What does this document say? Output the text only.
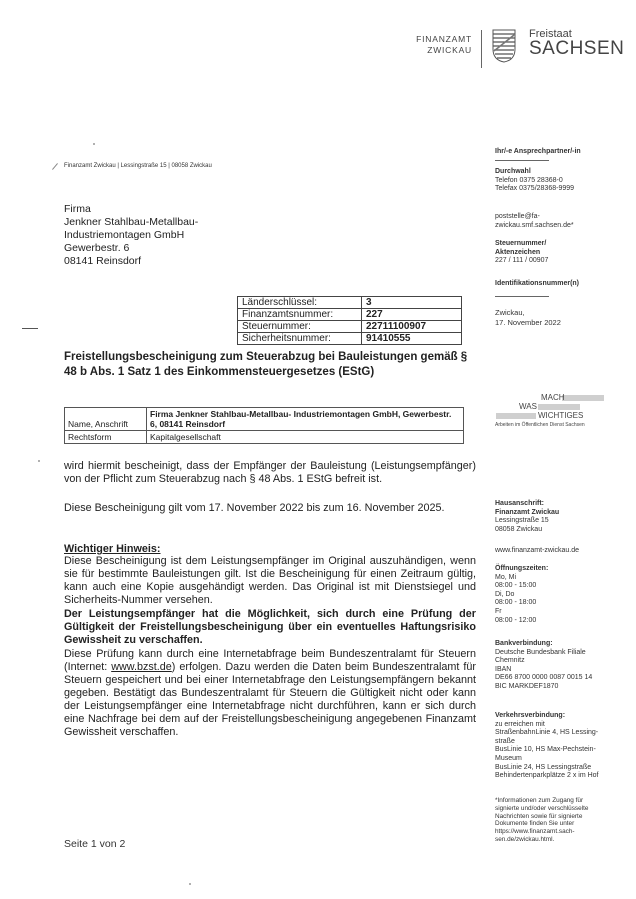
FINANZAMT
ZWICKAU
Freistaat
SACHSEN
Finanzamt Zwickau | Lessingstraße 15 | 08058 Zwickau
Firma
Jenkner Stahlbau-Metallbau-
Industriemontagen GmbH
Gewerbestr. 6
08141 Reinsdorf
Länderschlüssel:	3
Finanzamtsnummer:	227
Steuernummer:	22711100907
Sicherheitsnummer:	91410555
Freistellungsbescheinigung zum Steuerabzug bei Bauleistungen gemäß § 48 b Abs. 1 Satz 1 des Einkommensteuergesetzes (EStG)
Name, Anschrift	Firma Jenkner Stahlbau-Metallbau- Industriemontagen GmbH, Gewerbestr. 6, 08141 Reinsdorf
Rechtsform	Kapitalgesellschaft
wird hiermit bescheinigt, dass der Empfänger der Bauleistung (Leistungsempfänger) von der Pflicht zum Steuerabzug nach § 48 Abs. 1 EStG befreit ist.
Diese Bescheinigung gilt vom 17. November 2022 bis zum 16. November 2025.
Wichtiger Hinweis:
Diese Bescheinigung ist dem Leistungsempfänger im Original auszuhändigen, wenn sie für bestimmte Bauleistungen gilt. Ist die Bescheinigung für einen Zeitraum gültig, kann auch eine Kopie ausgehändigt werden. Das Original ist mit Dienstsiegel und Sicherheits-Nummer versehen.
Der Leistungsempfänger hat die Möglichkeit, sich durch eine Prüfung der Gültigkeit der Freistellungsbescheinigung über ein eventuelles Haftungsrisiko Gewissheit zu verschaffen.
Diese Prüfung kann durch eine Internetabfrage beim Bundeszentralamt für Steuern (Internet: www.bzst.de) erfolgen. Dazu werden die Daten beim Bundeszentralamt für Steuern gespeichert und bei einer Internetabfrage den Leistungsempfängern bekannt gegeben. Bestätigt das Bundeszentralamt für Steuern die Gültigkeit nicht oder kann der Leistungsempfänger eine Internetabfrage nicht durchführen, kann er sich durch eine Nachfrage bei dem auf der Freistellungsbescheinigung angegebenen Finanzamt Gewissheit verschaffen.
Seite 1 von 2
Ihr/-e Ansprechpartner/-in
Durchwahl
Telefon 0375 28368-0
Telefax 0375/28368-9999
poststelle@fa-
zwickau.smf.sachsen.de*
Steuernummer/
Aktenzeichen
227 / 111 / 00907
Identifikationsnummer(n)
Zwickau,
17. November 2022
MACH
WAS
WICHTIGES
Arbeiten im Öffentlichen Dienst Sachsen
Hausanschrift:
Finanzamt Zwickau
Lessingstraße 15
08058 Zwickau
www.finanzamt-zwickau.de
Öffnungszeiten:
Mo, Mi
08:00 - 15:00
Di, Do
08:00 - 18:00
Fr
08:00 - 12:00
Bankverbindung:
Deutsche Bundesbank Filiale
Chemnitz
IBAN
DE66 8700 0000 0087 0015 14
BIC MARKDEF1870
Verkehrsverbindung:
zu erreichen mit
StraßenbahnLinie 4, HS Lessing-
straße
BusLinie 10, HS Max-Pechstein-
Museum
BusLinie 24, HS Lessingstraße
Behindertenparkplätze 2 x im Hof
*Informationen zum Zugang für
signierte und/oder verschlüsselte
Nachrichten sowie für signierte
Dokumente finden Sie unter
https://www.finanzamt.sach-
sen.de/zwickau.html.
